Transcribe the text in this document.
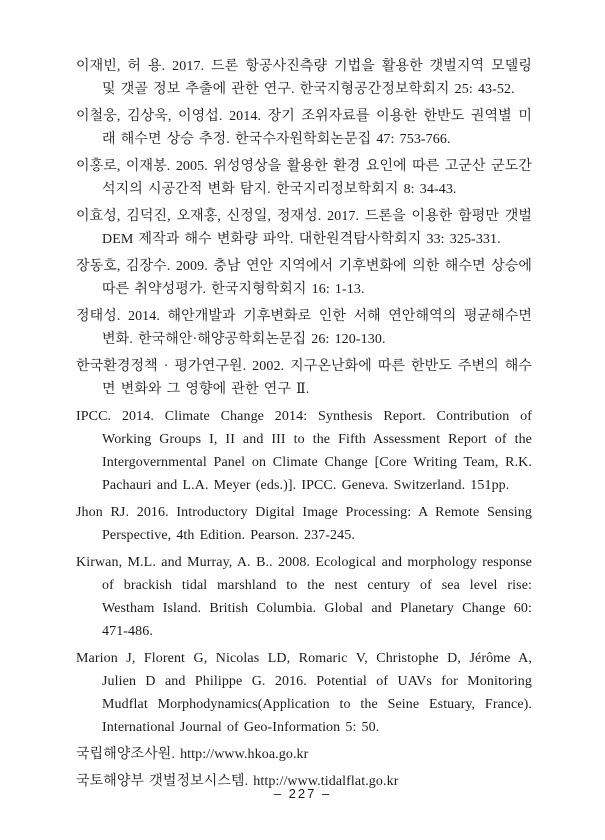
이재빈, 허 용. 2017. 드론 항공사진측량 기법을 활용한 갯벌지역 모델링 및 갯골 정보 추출에 관한 연구. 한국지형공간정보학회지 25: 43-52.

이철웅, 김상욱, 이영섭. 2014. 장기 조위자료를 이용한 한반도 권역별 미래 해수면 상승 추정. 한국수자원학회논문집 47: 753-766.

이홍로, 이재봉. 2005. 위성영상을 활용한 환경 요인에 따른 고군산 군도간석지의 시공간적 변화 탐지. 한국지리정보학회지 8: 34-43.

이효성, 김덕진, 오재홍, 신정일, 정재성. 2017. 드론을 이용한 함평만 갯벌 DEM 제작과 해수 변화량 파악. 대한원격탐사학회지 33: 325-331.

장동호, 김장수. 2009. 충남 연안 지역에서 기후변화에 의한 해수면 상승에 따른 취약성평가. 한국지형학회지 16: 1-13.

정태성. 2014. 해안개발과 기후변화로 인한 서해 연안해역의 평균해수면 변화. 한국해안·해양공학회논문집 26: 120-130.

한국환경정책 · 평가연구원. 2002. 지구온난화에 따른 한반도 주변의 해수면 변화와 그 영향에 관한 연구 Ⅱ.

IPCC. 2014. Climate Change 2014: Synthesis Report. Contribution of Working Groups I, II and III to the Fifth Assessment Report of the Intergovernmental Panel on Climate Change [Core Writing Team, R.K. Pachauri and L.A. Meyer (eds.)]. IPCC. Geneva. Switzerland. 151pp.

Jhon RJ. 2016. Introductory Digital Image Processing: A Remote Sensing Perspective, 4th Edition. Pearson. 237-245.

Kirwan, M.L. and Murray, A. B.. 2008. Ecological and morphology response of brackish tidal marshland to the nest century of sea level rise: Westham Island. British Columbia. Global and Planetary Change 60: 471-486.

Marion J, Florent G, Nicolas LD, Romaric V, Christophe D, Jérôme A, Julien D and Philippe G. 2016. Potential of UAVs for Monitoring Mudflat Morphodynamics(Application to the Seine Estuary, France). International Journal of Geo-Information 5: 50.

국립해양조사원. http://www.hkoa.go.kr

국토해양부 갯벌정보시스템. http://www.tidalflat.go.kr

– 227 –
